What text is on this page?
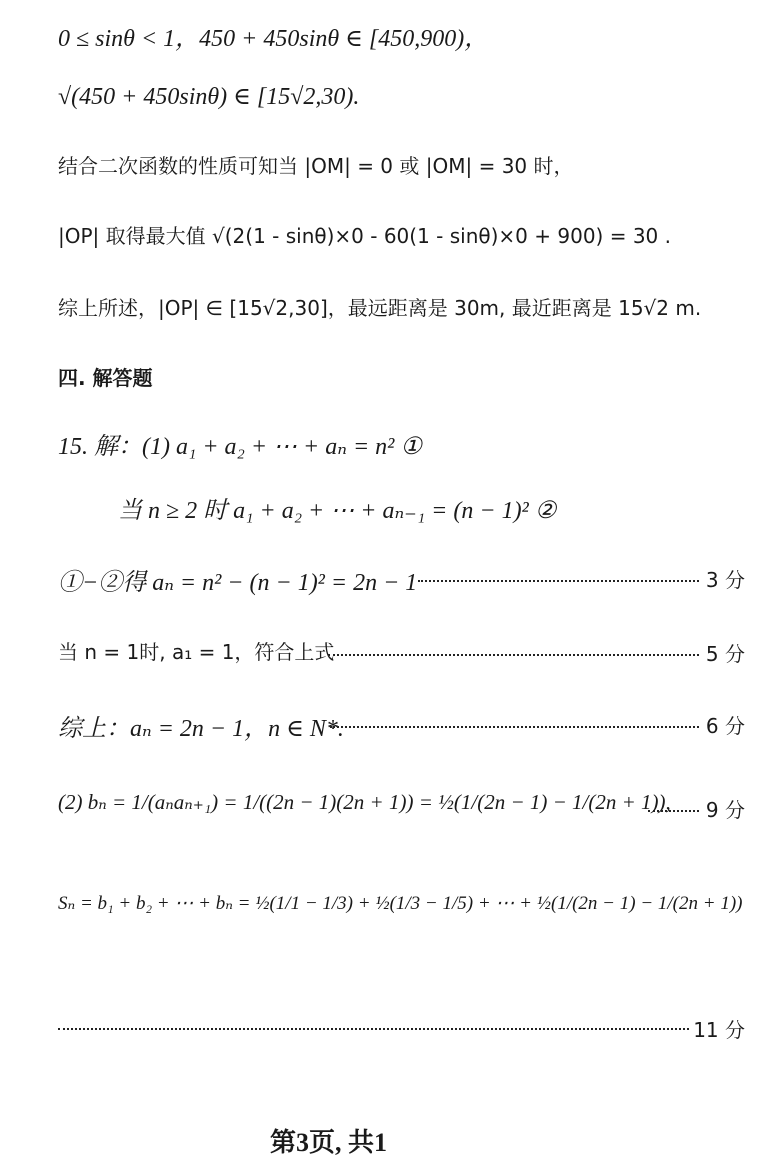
0 ≤ sinθ < 1，450 + 450sinθ ∈ [450,900)，
√(450 + 450sinθ) ∈ [15√2,30).
结合二次函数的性质可知当 |OM| = 0 或 |OM| = 30 时，
|OP| 取得最大值 √(2(1 - sinθ)×0 - 60(1 - sinθ)×0 + 900) = 30 .
综上所述，|OP| ∈ [15√2,30]，最远距离是 30m, 最近距离是 15√2 m.
四. 解答题
15. 解：(1) a₁ + a₂ + ⋯ + aₙ = n² ①
当 n ≥ 2 时 a₁ + a₂ + ⋯ + aₙ₋₁ = (n − 1)² ②
①−②得 aₙ = n² − (n − 1)² = 2n − 1	3 分
当 n = 1时, a₁ = 1，符合上式	5 分
综上：aₙ = 2n − 1，n ∈ N*.	6 分
(2) bₙ = 1/(aₙaₙ₊₁) = 1/((2n − 1)(2n + 1)) = ½(1/(2n − 1) − 1/(2n + 1)), 9 分
Sₙ = b₁ + b₂ + ⋯ + bₙ = ½(1/1 − 1/3) + ½(1/3 − 1/5) + ⋯ + ½(1/(2n − 1) − 1/(2n + 1))
11 分
第3页, 共1
